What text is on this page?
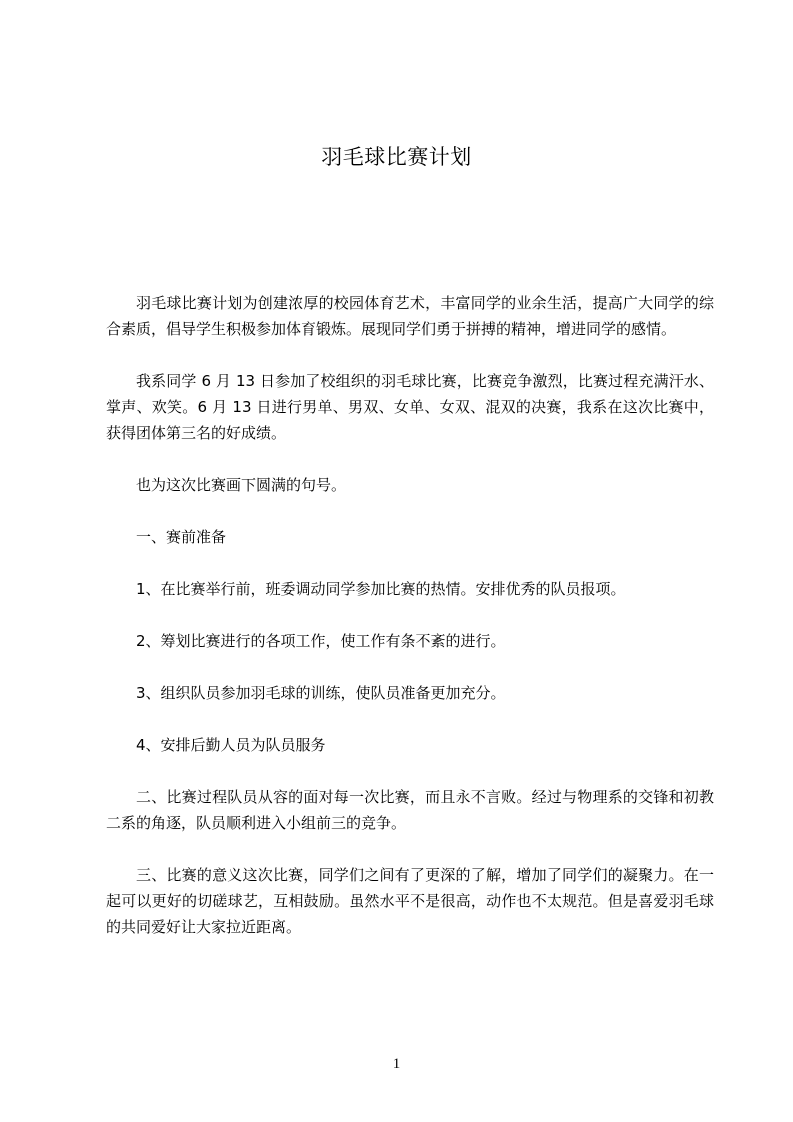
羽毛球比赛计划

羽毛球比赛计划为创建浓厚的校园体育艺术，丰富同学的业余生活，提高广大同学的综合素质，倡导学生积极参加体育锻炼。展现同学们勇于拼搏的精神，增进同学的感情。

我系同学 6 月 13 日参加了校组织的羽毛球比赛，比赛竞争激烈，比赛过程充满汗水、掌声、欢笑。6 月 13 日进行男单、男双、女单、女双、混双的决赛，我系在这次比赛中，获得团体第三名的好成绩。

也为这次比赛画下圆满的句号。

一、赛前准备

1、在比赛举行前，班委调动同学参加比赛的热情。安排优秀的队员报项。

2、筹划比赛进行的各项工作，使工作有条不紊的进行。

3、组织队员参加羽毛球的训练，使队员准备更加充分。

4、安排后勤人员为队员服务

二、比赛过程队员从容的面对每一次比赛，而且永不言败。经过与物理系的交锋和初教二系的角逐，队员顺利进入小组前三的竞争。

三、比赛的意义这次比赛，同学们之间有了更深的了解，增加了同学们的凝聚力。在一起可以更好的切磋球艺，互相鼓励。虽然水平不是很高，动作也不太规范。但是喜爱羽毛球的共同爱好让大家拉近距离。

1
